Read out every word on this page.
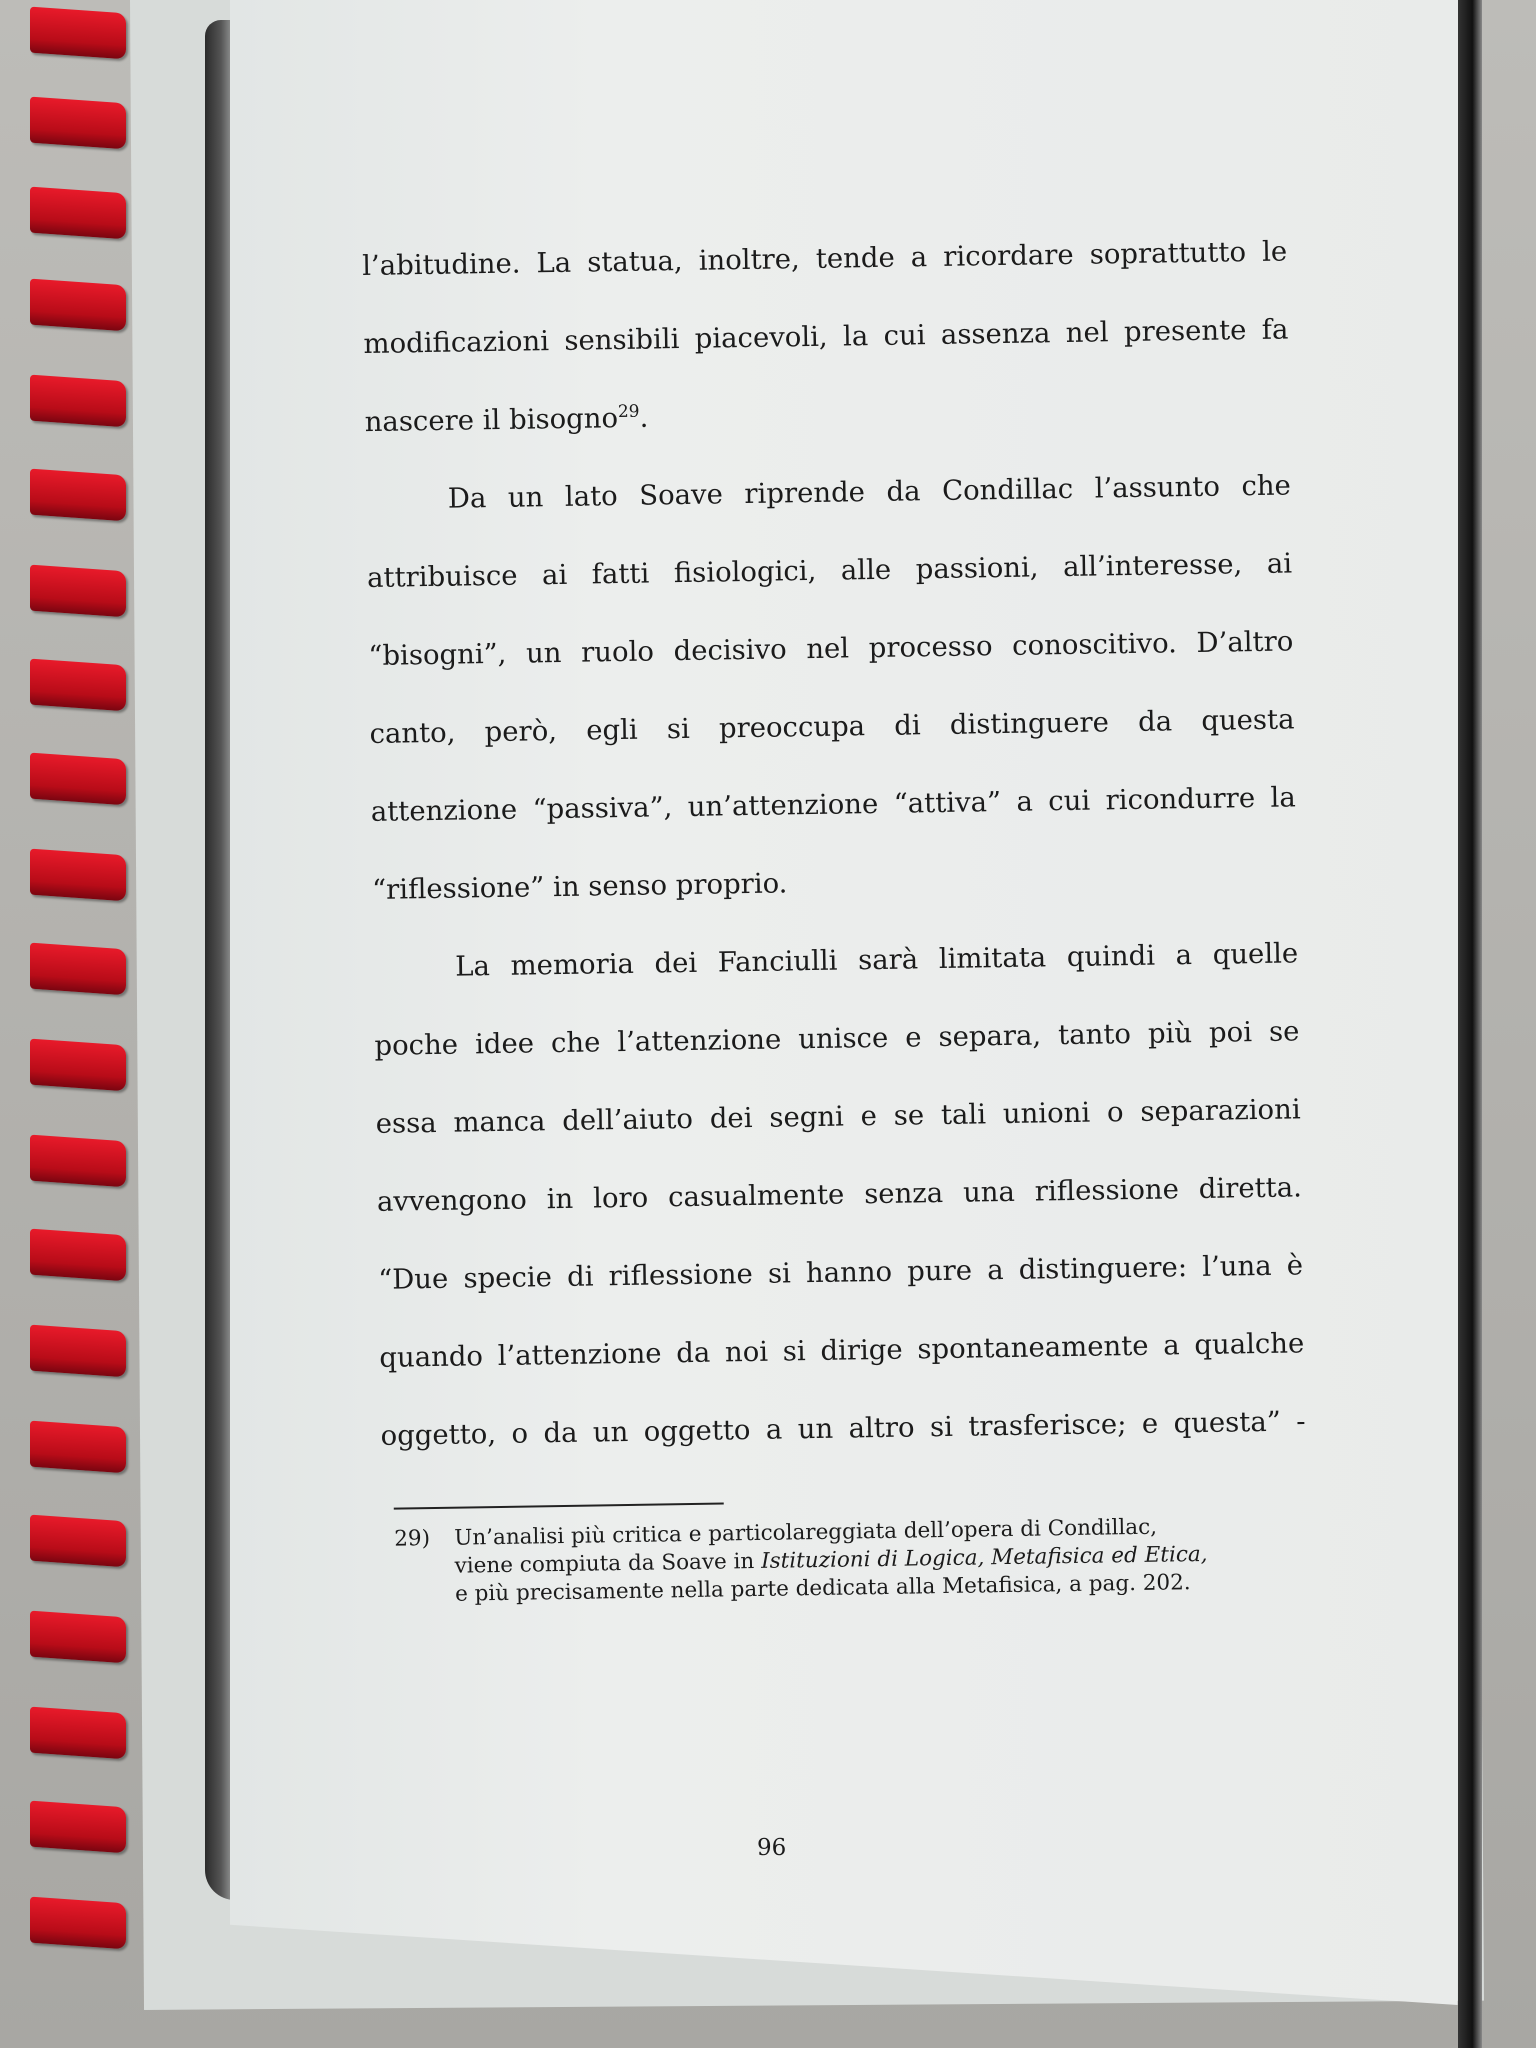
l’abitudine. La statua, inoltre, tende a ricordare soprattutto le
modificazioni sensibili piacevoli, la cui assenza nel presente fa
nascere il bisogno$^{29}$.
Da un lato Soave riprende da Condillac l’assunto che
attribuisce ai fatti fisiologici, alle passioni, all’interesse, ai
“bisogni”, un ruolo decisivo nel processo conoscitivo. D’altro
canto, però, egli si preoccupa di distinguere da questa
attenzione “passiva”, un’attenzione “attiva” a cui ricondurre la
“riflessione” in senso proprio.
La memoria dei Fanciulli sarà limitata quindi a quelle
poche idee che l’attenzione unisce e separa, tanto più poi se
essa manca dell’aiuto dei segni e se tali unioni o separazioni
avvengono in loro casualmente senza una riflessione diretta.
“Due specie di riflessione si hanno pure a distinguere: l’una è
quando l’attenzione da noi si dirige spontaneamente a qualche
oggetto, o da un oggetto a un altro si trasferisce; e questa” -
29) Un’analisi più critica e particolareggiata dell’opera di Condillac,
viene compiuta da Soave in Istituzioni di Logica, Metafisica ed Etica,
e più precisamente nella parte dedicata alla Metafisica, a pag. 202.
96
